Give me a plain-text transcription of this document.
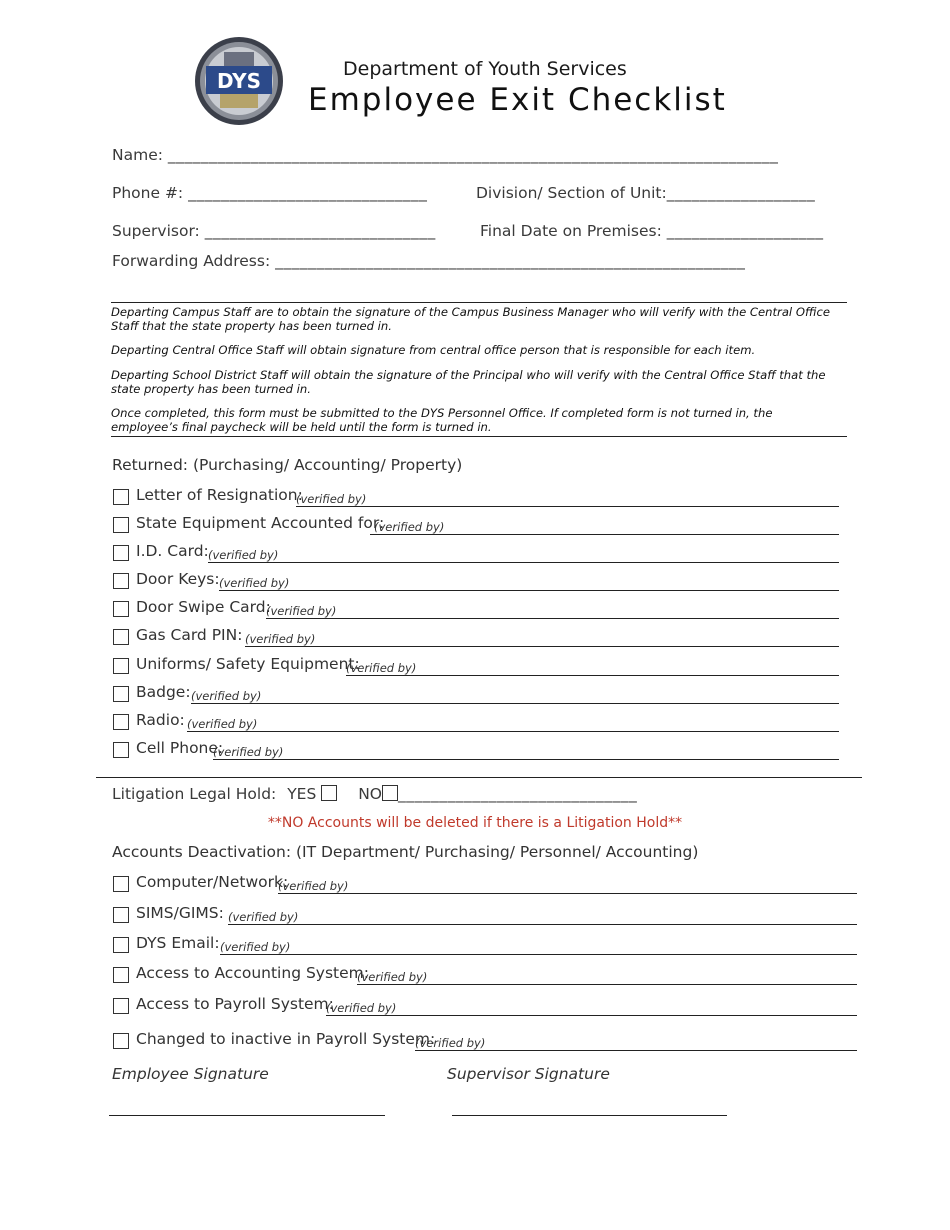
DYS	Department of Youth Services
Employee Exit Checklist
Name: __________________________________________________________________________
Phone #: _____________________________	Division/ Section of Unit:__________________
Supervisor: ____________________________	Final Date on Premises: ___________________
Forwarding Address: _________________________________________________________
Departing Campus Staff are to obtain the signature of the Campus Business Manager who will verify with the Central Office Staff that the state property has been turned in.
Departing Central Office Staff will obtain signature from central office person that is responsible for each item.
Departing School District Staff will obtain the signature of the Principal who will verify with the Central Office Staff that the state property has been turned in.
Once completed, this form must be submitted to the DYS Personnel Office. If completed form is not turned in, the employee’s final paycheck will be held until the form is turned in.
Returned: (Purchasing/ Accounting/ Property)
Letter of Resignation:
(verified by)
State Equipment Accounted for:
(verified by)
I.D. Card: (verified by)
Door Keys: (verified by)
Door Swipe Card:
(verified by)
Gas Card PIN: (verified by)
Uniforms/ Safety Equipment:
(verified by)
Badge: (verified by)
Radio: (verified by)
Cell Phone:
(verified by)
Litigation Legal Hold: YES	NO _____________________________
**NO Accounts will be deleted if there is a Litigation Hold**
Accounts Deactivation: (IT Department/ Purchasing/ Personnel/ Accounting)
Computer/Network:
(verified by)
SIMS/GIMS: (verified by)
DYS Email: (verified by)
Access to Accounting System:
(verified by)
Access to Payroll System:
(verified by)
Changed to inactive in Payroll System:
(verified by)
Employee Signature	Supervisor Signature
